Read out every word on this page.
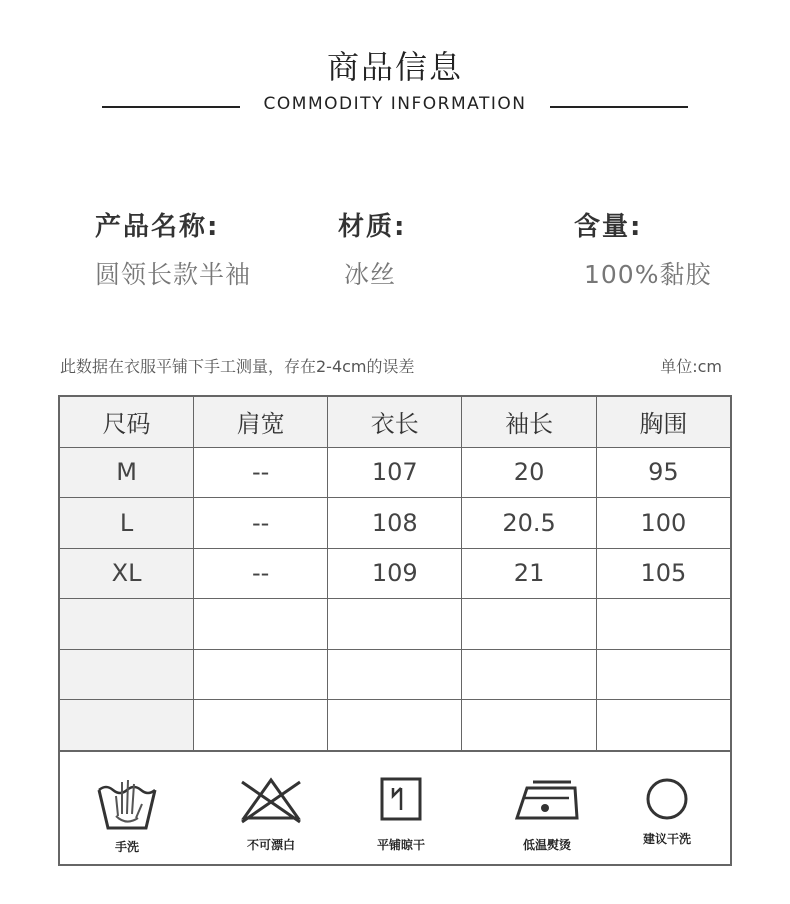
商品信息
COMMODITY INFORMATION
产品名称:
圆领长款半袖
材质:
冰丝
含量:
100%黏胶
此数据在衣服平铺下手工测量，存在2-4cm的误差	单位:cm
尺码	肩宽	衣长	袖长	胸围
M	--	107	20	95
L	--	108	20.5	100
XL	--	109	21	105

手洗	不可漂白	平铺晾干	低温熨烫	建议干洗
